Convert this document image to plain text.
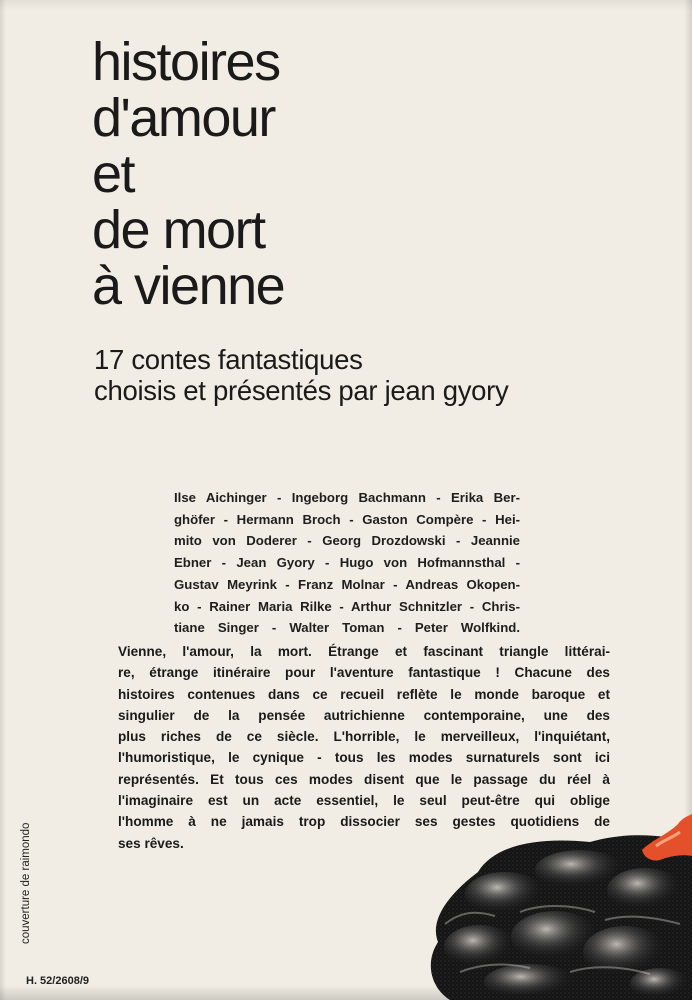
histoires
d'amour
et
de mort
à vienne
17 contes fantastiques
choisis et présentés par jean gyory
Ilse Aichinger - Ingeborg Bachmann - Erika Ber-
ghöfer - Hermann Broch - Gaston Compère - Hei-
mito von Doderer - Georg Drozdowski - Jeannie
Ebner - Jean Gyory - Hugo von Hofmannsthal -
Gustav Meyrink - Franz Molnar - Andreas Okopen-
ko - Rainer Maria Rilke - Arthur Schnitzler - Chris-
tiane Singer - Walter Toman - Peter Wolfkind.
Vienne, l'amour, la mort. Étrange et fascinant triangle littérai-
re, étrange itinéraire pour l'aventure fantastique ! Chacune des
histoires contenues dans ce recueil reflète le monde baroque et
singulier de la pensée autrichienne contemporaine, une des
plus riches de ce siècle. L'horrible, le merveilleux, l'inquiétant,
l'humoristique, le cynique - tous les modes surnaturels sont ici
représentés. Et tous ces modes disent que le passage du réel à
l'imaginaire est un acte essentiel, le seul peut-être qui oblige
l'homme à ne jamais trop dissocier ses gestes quotidiens de
ses rêves.
couverture de raimondo
H. 52/2608/9
